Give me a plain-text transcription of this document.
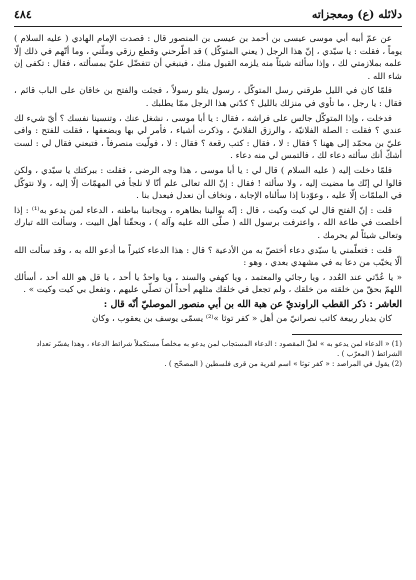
دلائله (ع) ومعجزاته
٤٨٤

عن عمّ أبيه أبي موسى عيسى بن أحمد بن عيسى بن المنصور قال : قصدت الإمام الهادي ( عليه السلام ) يوماً ، فقلت : يا سيّدي ، إنّ هذا الرجل ( يعني المتوكّل ) قد اطّرحني وقطع رزقي وملّني ، وما أتّهم في ذلك إلّا علمه بملازمتي لك ، وإذا سألته شيئاً منه يلزمه القبول منك ، فينبغي أن تتفضّل عليّ بمسألته ، فقال : تكفى إن شاء الله .

فلمّا كان في الليل طرقني رسل المتوكّل ، رسول يتلو رسولاً ، فجئت والفتح بن خاقان على الباب قائم ، فقال : يا رجل ، ما تأوي في منزلك بالليل ؟ كدّني هذا الرجل ممّا يطلبك .

فدخلت ، وإذا المتوكّل جالس على فراشه ، فقال : يا أبا موسى ، نشغل عنك ، وتنسينا نفسك ؟ أيّ شيء لك عندي ؟ فقلت : الصلة الفلانيّة ، والرزق الفلانيّ ، وذكرت أشياء ، فأمر لي بها وبضعفها ، فقلت للفتح : وافى عليّ بن محمّد إلى ههنا ؟ فقال : لا ، فقال : كتب رقعة ؟ فقال : لا ، فولّيت منصرفاً ، فتبعني فقال لي : لست أشكّ أنك سألته دعاء لك ، فالتمس لي منه دعاء .

فلمّا دخلت إليه ( عليه السلام ) قال لي : يا أبا موسى ، هذا وجه الرضى ، فقلت : ببركتك يا سيّدي ، ولكن قالوا لي إنّك ما مضيت إليه ، ولا سألته ! فقال : إنّ الله تعالى علم أنّا لا نلجأ في المهمّات إلّا إليه ، ولا نتوكّل في الملمّات إلّا عليه ، وعوّدنا إذا سألناه الإجابة ، ونخاف أن نعدل فيعدل بنا .

قلت : إنّ الفتح قال لي كيت وكيت ، قال : إنّه يوالينا بظاهره ، ويجانبنا بباطنه ، الدعاء لمن يدعو به⁽¹⁾ : إذا أخلصت في طاعة الله ، واعترفت برسول الله ( صلّى الله عليه وآله ) ، وبحقّنا أهل البيت ، وسألت الله تبارك وتعالى شيئاً لم يحرمك .

قلت : فتعلّمني يا سيّدي دعاء أختصّ به من الأدعية ؟ قال : هذا الدعاء كثيراً ما أدعو الله به ، وقد سألت الله ألّا يخيّب من دعا به في مشهدي بعدي ، وهو :

« يا عُدّتي عند العُدد ، ويا رجائي والمعتمد ، ويا كهفي والسند ، ويا واحدُ يا أحد ، يا قل هو الله أحد ، أسألك اللهمّ بحقّ من خلقته من خلقك ، ولم تجعل في خلقك مثلهم أحداً أن تصلّي عليهم ، وتفعل بي كيت وكيت » .

العاشر : ذكر القطب الراونديّ عن هبة الله بن أبي منصور الموصليّ أنّه قال :

كان بديار ربيعة كاتب نصرانيّ من أهل « كفر توثا »⁽²⁾ يسمّى يوسف بن يعقوب ، وكان

(1) « الدعاء لمن يدعو به » لعلّ المقصود : الدعاء المستجاب لمن يدعو به مخلصاً مستكملاً شرائط الدعاء ، وهذا يفسّر تعداد الشرائط ( المعرّب ) .

(2) يقول في المراصد : « كفر توثا » اسم لقرية من قرى فلسطين ( المصحّح ) .
